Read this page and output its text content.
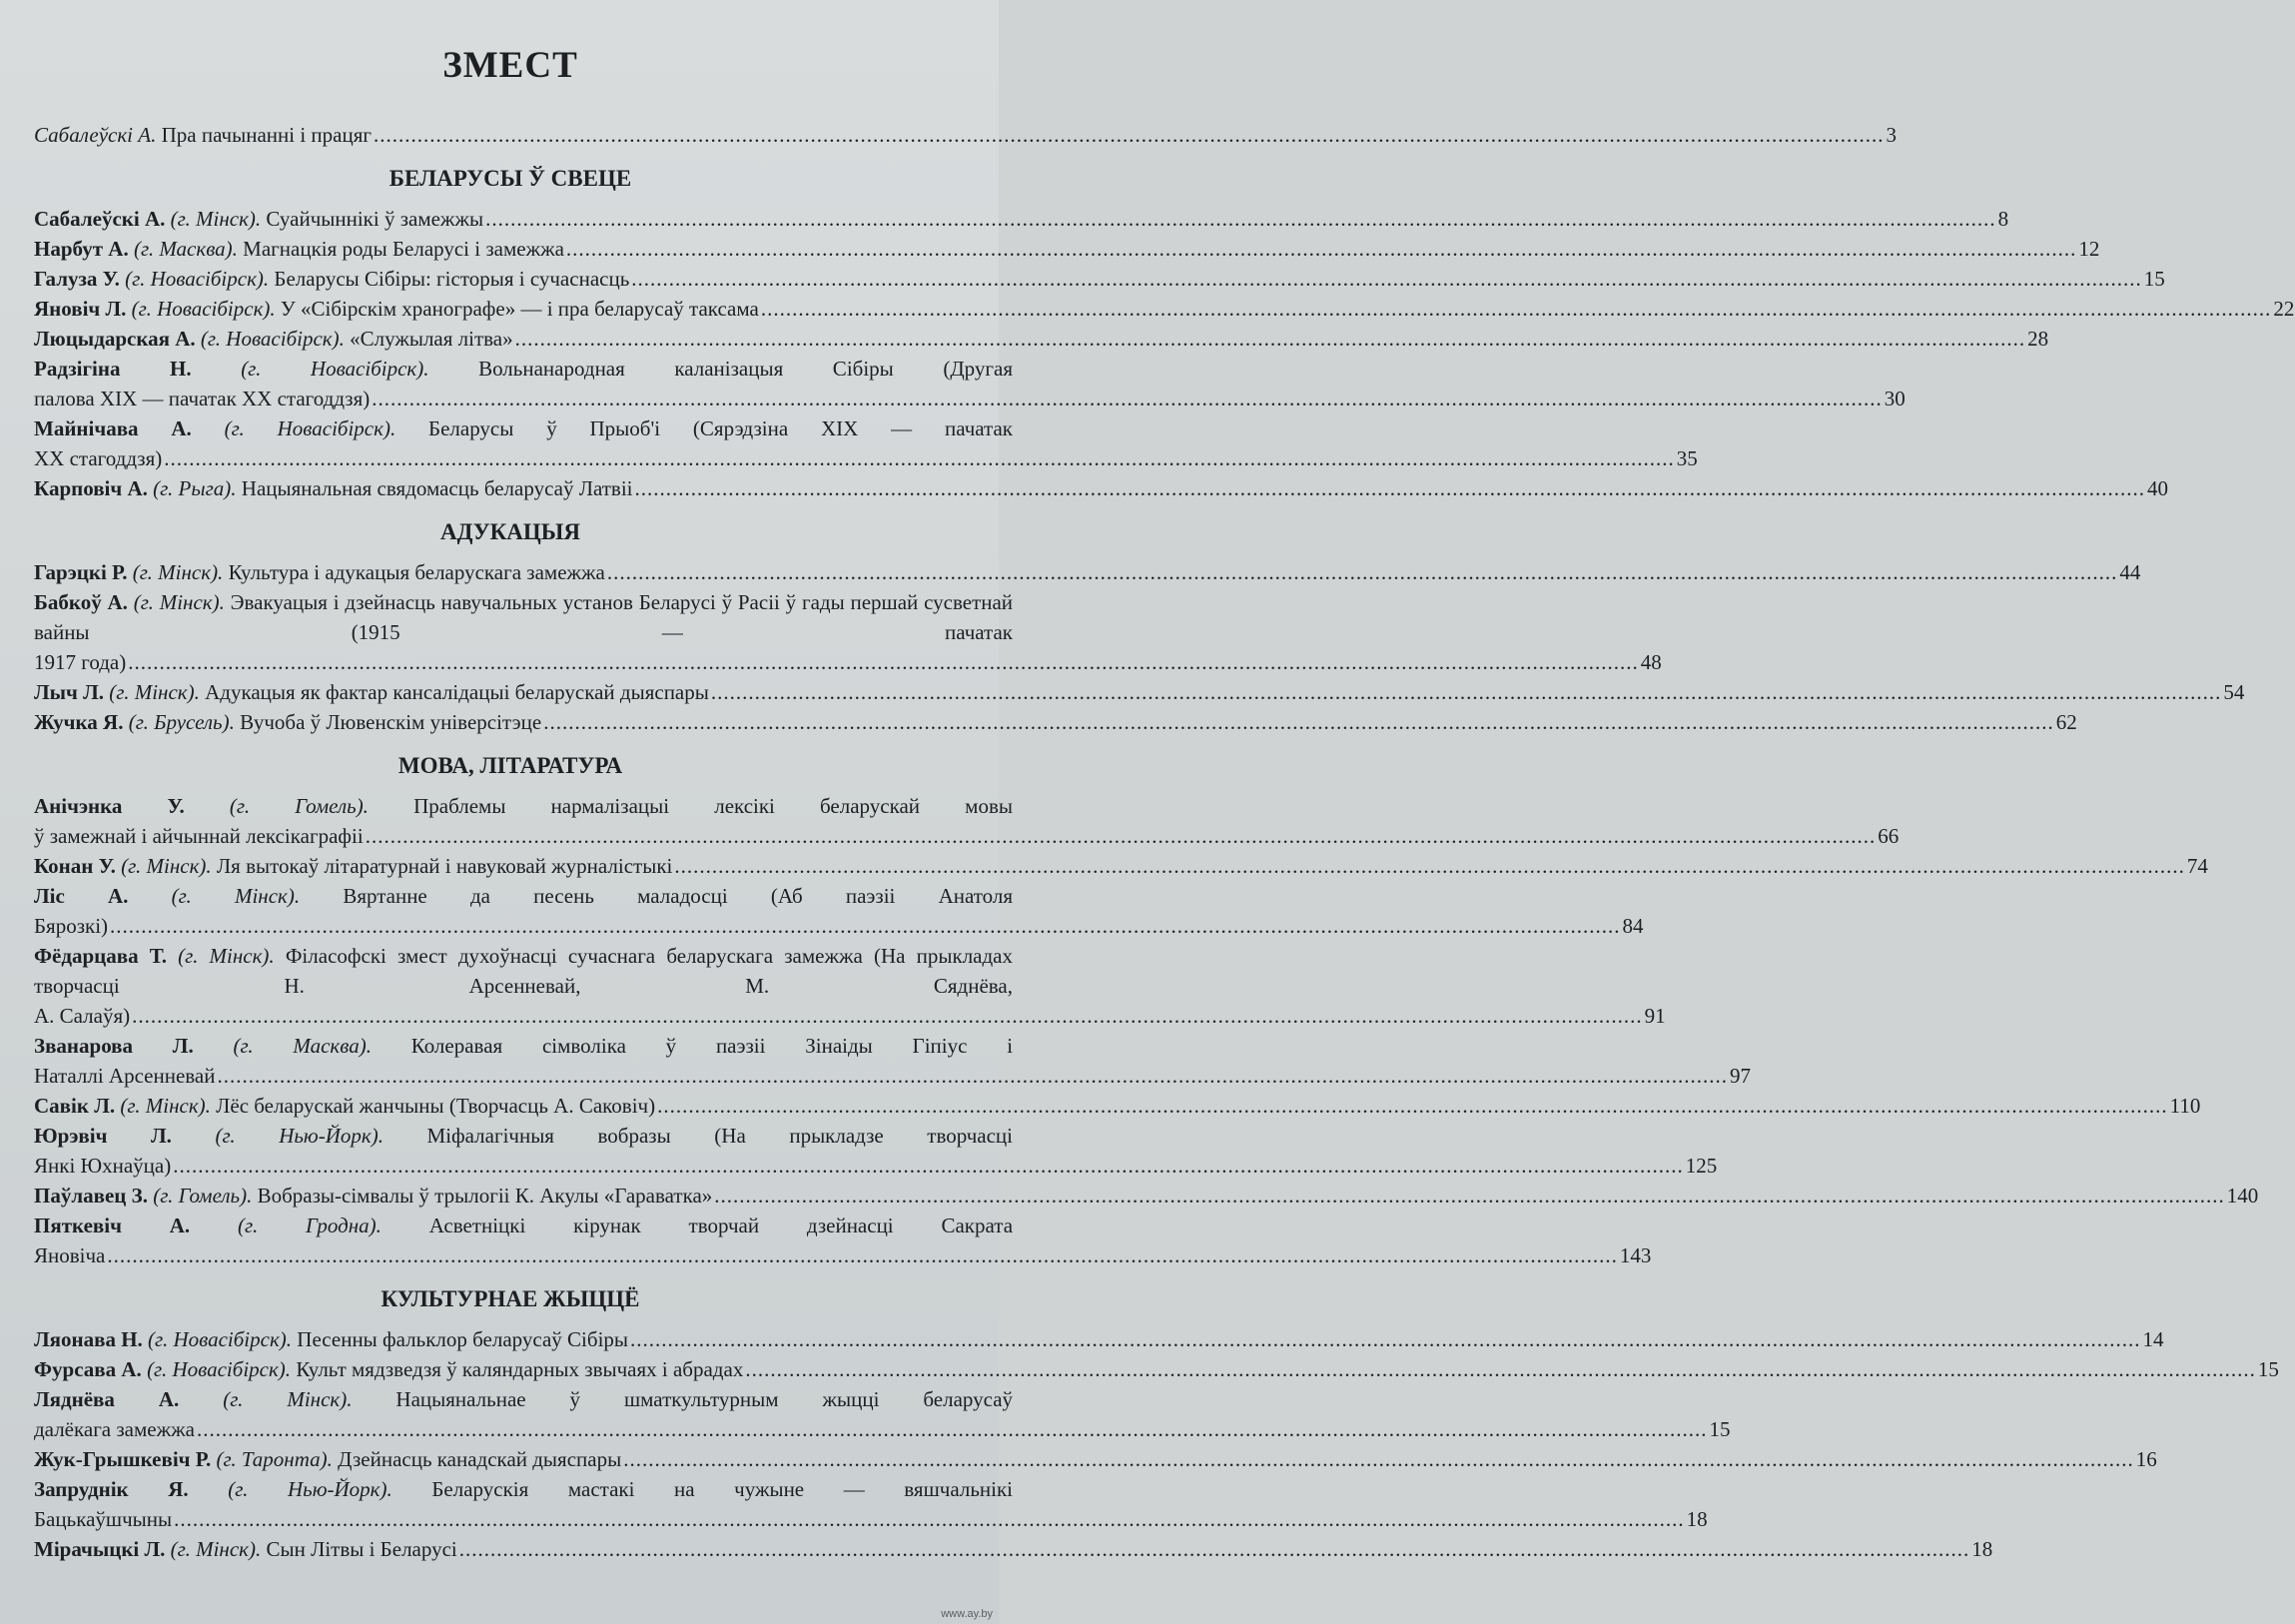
ЗМЕСТ
Сабалеўскі А. Пра пачынанні і працяг .....	3
БЕЛАРУСЫ Ў СВЕЦЕ
Сабалеўскі А. (г. Мінск). Суайчыннікі ў замежжы .....	8
Нарбут А. (г. Масква). Магнацкія роды Беларусі і замежжа .....	12
Галуза У. (г. Новасібірск). Беларусы Сібіры: гісторыя і сучаснасць .....	15
Яновіч Л. (г. Новасібірск). У «Сібірскім хранографе» — і пра беларусаў таксама .....	22
Люцыдарская А. (г. Новасібірск). «Служылая літва» .....	28
Радзігіна Н. (г. Новасібірск). Вольнанародная каланізацыя Сібіры (Другая
палова XIX — пачатак XX стагоддзя) .....	30
Майнічава А. (г. Новасібірск). Беларусы ў Прыоб'і (Сярэдзіна XIX — пачатак
XX стагоддзя) .....	35
Карповіч А. (г. Рыга). Нацыянальная свядомасць беларусаў Латвіі .....	40
АДУКАЦЫЯ
Гарэцкі Р. (г. Мінск). Культура і адукацыя беларускага замежжа .....	44
Бабкоў А. (г. Мінск). Эвакуацыя і дзейнасць навучальных установ Беларусі ў Расіі ў гады першай сусветнай вайны (1915 — пачатак
1917 года) .....	48
Лыч Л. (г. Мінск). Адукацыя як фактар кансалідацыі беларускай дыяспары .....	54
Жучка Я. (г. Брусель). Вучоба ў Лювенскім універсітэце .....	62
МОВА, ЛІТАРАТУРА
Анічэнка У. (г. Гомель). Праблемы нармалізацыі лексікі беларускай мовы
ў замежнай і айчыннай лексікаграфіі .....	66
Конан У. (г. Мінск). Ля вытокаў літаратурнай і навуковай журналістыкі .....	74
Ліс А. (г. Мінск). Вяртанне да песень маладосці (Аб паэзіі Анатоля
Бярозкі) .....	84
Фёдарцава Т. (г. Мінск). Філасофскі змест духоўнасці сучаснага беларускага замежжа (На прыкладах творчасці Н. Арсенневай, М. Сяднёва,
А. Салаўя) .....	91
Званарова Л. (г. Масква). Колеравая сімволіка ў паэзіі Зінаіды Гіпіус і
Наталлі Арсенневай .....	97
Савік Л. (г. Мінск). Лёс беларускай жанчыны (Творчасць А. Саковіч) .....	110
Юрэвіч Л. (г. Нью-Йорк). Міфалагічныя вобразы (На прыкладзе творчасці
Янкі Юхнаўца) .....	125
Паўлавец З. (г. Гомель). Вобразы-сімвалы ў трылогіі К. Акулы «Гараватка» .....	140
Пяткевіч А. (г. Гродна). Асветніцкі кірунак творчай дзейнасці Сакрата
Яновіча .....	143
КУЛЬТУРНАЕ ЖЫЦЦЁ
Ляонава Н. (г. Новасібірск). Песенны фальклор беларусаў Сібіры .....	14
Фурсава А. (г. Новасібірск). Культ мядзведзя ў каляндарных звычаях і абрадах .....	15
Ляднёва А. (г. Мінск). Нацыянальнае ў шматкультурным жыцці беларусаў
далёкага замежжа .....	15
Жук-Грышкевіч Р. (г. Таронта). Дзейнасць канадскай дыяспары .....	16
Запруднік Я. (г. Нью-Йорк). Беларускія мастакі на чужыне — вяшчальнікі
Бацькаўшчыны .....	18
Мірачыцкі Л. (г. Мінск). Сын Літвы і Беларусі .....	18
www.ay.by
